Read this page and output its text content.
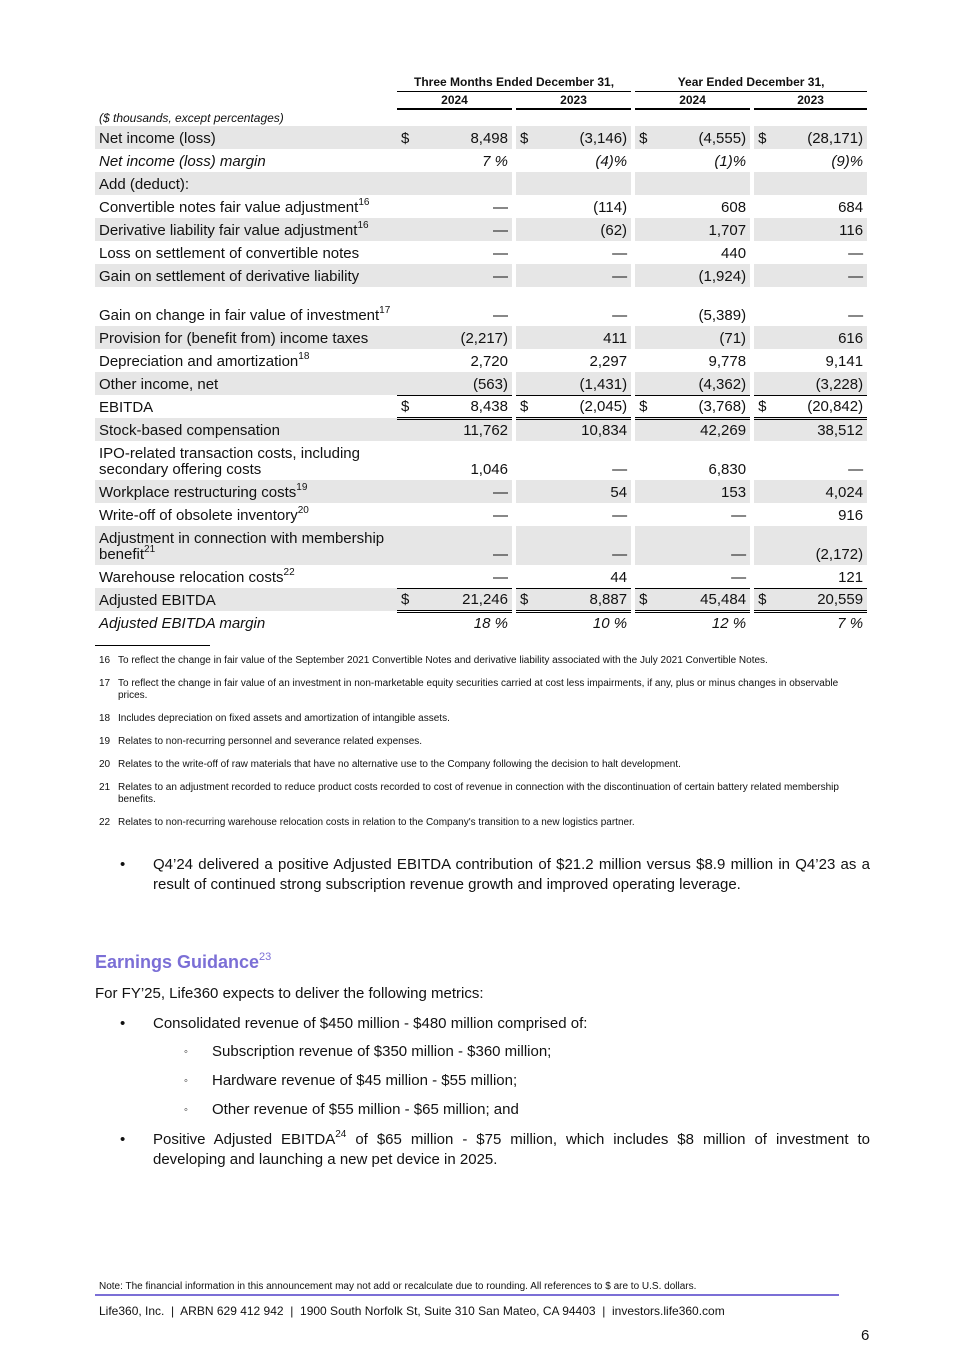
	Three Months Ended December 31,						Year Ended December 31,				
	2024			2023			2024			2023	
($ thousands, except percentages)											
Net income (loss)	$	8,498		$	(3,146)		$	(4,555)		$	(28,171)
Net income (loss) margin		7 %			(4)%			(1)%			(9)%
Add (deduct):											
Convertible notes fair value adjustment$^{16}$		—			(114)			608			684
Derivative liability fair value adjustment$^{16}$		—			(62)			1,707			116
Loss on settlement of convertible notes		—			—			440			—
Gain on settlement of derivative liability		—			—			(1,924)			—
Gain on change in fair value of investment$^{17}$		—			—			(5,389)			—
Provision for (benefit from) income taxes		(2,217)			411			(71)			616
Depreciation and amortization$^{18}$		2,720			2,297			9,778			9,141
Other income, net		(563)			(1,431)			(4,362)			(3,228)
EBITDA	$	8,438		$	(2,045)		$	(3,768)		$	(20,842)
Stock-based compensation		11,762			10,834			42,269			38,512
IPO-related transaction costs, including secondary offering costs		1,046			—			6,830			—
Workplace restructuring costs$^{19}$		—			54			153			4,024
Write-off of obsolete inventory$^{20}$		—			—			—			916
Adjustment in connection with membership benefit$^{21}$		—			—			—			(2,172)
Warehouse relocation costs$^{22}$		—			44			—			121
Adjusted EBITDA	$	21,246		$	8,887		$	45,484		$	20,559
Adjusted EBITDA margin		18 %			10 %			12 %			7 %
16 To reflect the change in fair value of the September 2021 Convertible Notes and derivative liability associated with the July 2021 Convertible Notes.
17 To reflect the change in fair value of an investment in non-marketable equity securities carried at cost less impairments, if any, plus or minus changes in observable prices.
18 Includes depreciation on fixed assets and amortization of intangible assets.
19 Relates to non-recurring personnel and severance related expenses.
20 Relates to the write-off of raw materials that have no alternative use to the Company following the decision to halt development.
21 Relates to an adjustment recorded to reduce product costs recorded to cost of revenue in connection with the discontinuation of certain battery related membership benefits.
22 Relates to non-recurring warehouse relocation costs in relation to the Company's transition to a new logistics partner.
•	Q4’24 delivered a positive Adjusted EBITDA contribution of $21.2 million versus $8.9 million in Q4’23 as a result of continued strong subscription revenue growth and improved operating leverage.
Earnings Guidance$^{23}$
For FY’25, Life360 expects to deliver the following metrics:
•	Consolidated revenue of $450 million - $480 million comprised of:
◦	Subscription revenue of $350 million - $360 million;
◦	Hardware revenue of $45 million - $55 million;
◦	Other revenue of $55 million - $65 million; and
•	Positive Adjusted EBITDA$^{24}$ of $65 million - $75 million, which includes $8 million of investment to developing and launching a new pet device in 2025.
Note: The financial information in this announcement may not add or recalculate due to rounding. All references to $ are to U.S. dollars.
Life360, Inc.  |  ARBN 629 412 942  |  1900 South Norfolk St, Suite 310 San Mateo, CA 94403  |  investors.life360.com
6
